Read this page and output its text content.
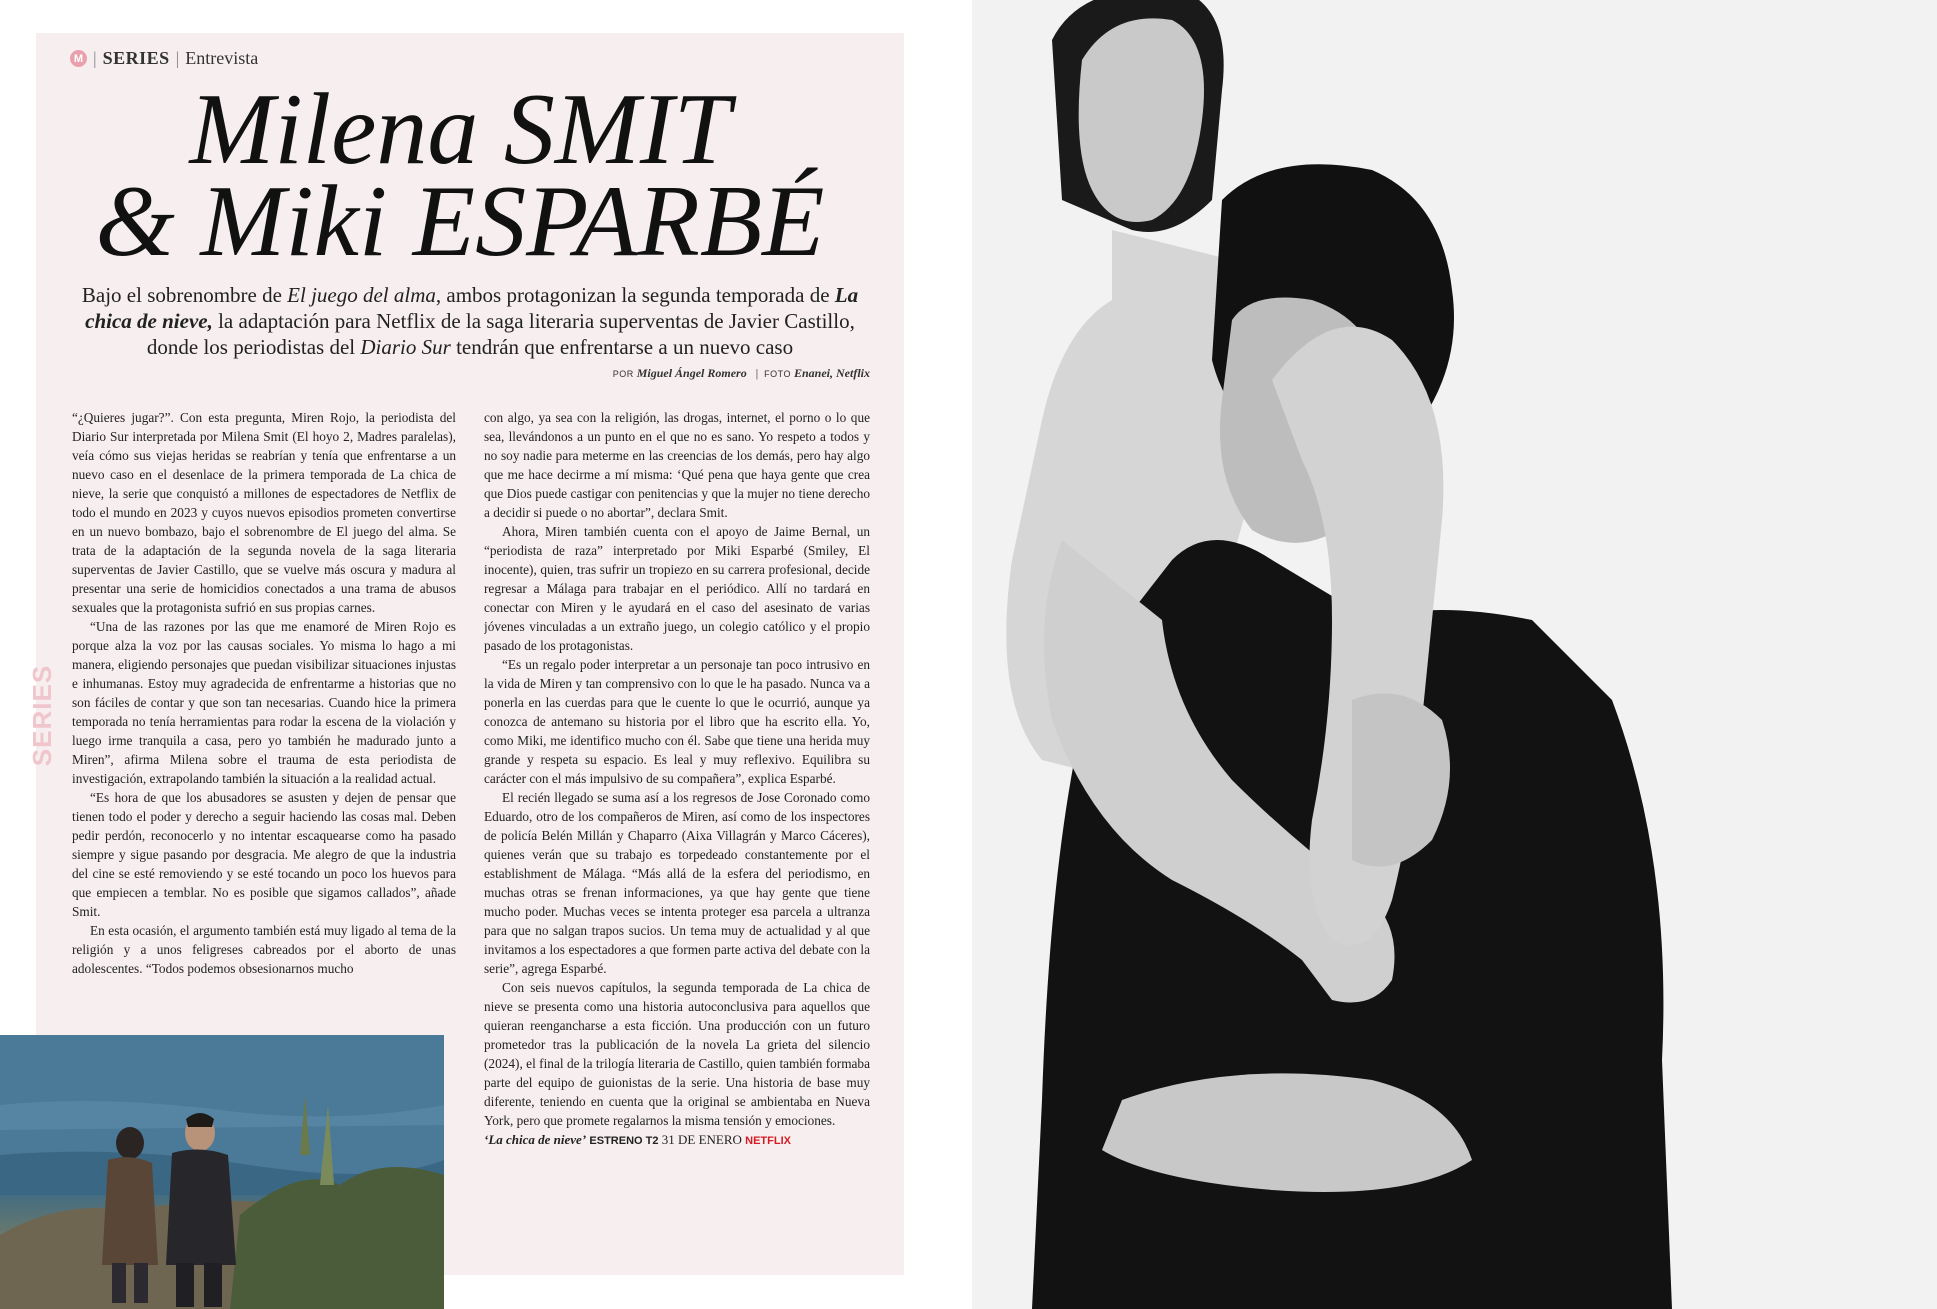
M | SERIES | Entrevista
Milena SMIT
& Miki ESPARBÉ
Bajo el sobrenombre de El juego del alma, ambos protagonizan la segunda temporada de La chica de nieve, la adaptación para Netflix de la saga literaria superventas de Javier Castillo, donde los periodistas del Diario Sur tendrán que enfrentarse a un nuevo caso
POR Miguel Ángel Romero | FOTO Enanei, Netflix
SERIES

“¿Quieres jugar?”. Con esta pregunta, Miren Rojo, la periodista del Diario Sur interpretada por Milena Smit (El hoyo 2, Madres paralelas), veía cómo sus viejas heridas se reabrían y tenía que enfrentarse a un nuevo caso en el desenlace de la primera temporada de La chica de nieve, la serie que conquistó a millones de espectadores de Netflix de todo el mundo en 2023 y cuyos nuevos episodios prometen convertirse en un nuevo bombazo, bajo el sobrenombre de El juego del alma. Se trata de la adaptación de la segunda novela de la saga literaria superventas de Javier Castillo, que se vuelve más oscura y madura al presentar una serie de homicidios conectados a una trama de abusos sexuales que la protagonista sufrió en sus propias carnes.

“Una de las razones por las que me enamoré de Miren Rojo es porque alza la voz por las causas sociales. Yo misma lo hago a mi manera, eligiendo personajes que puedan visibilizar situaciones injustas e inhumanas. Estoy muy agradecida de enfrentarme a historias que no son fáciles de contar y que son tan necesarias. Cuando hice la primera temporada no tenía herramientas para rodar la escena de la violación y luego irme tranquila a casa, pero yo también he madurado junto a Miren”, afirma Milena sobre el trauma de esta periodista de investigación, extrapolando también la situación a la realidad actual.

“Es hora de que los abusadores se asusten y dejen de pensar que tienen todo el poder y derecho a seguir haciendo las cosas mal. Deben pedir perdón, reconocerlo y no intentar escaquearse como ha pasado siempre y sigue pasando por desgracia. Me alegro de que la industria del cine se esté removiendo y se esté tocando un poco los huevos para que empiecen a temblar. No es posible que sigamos callados”, añade Smit.

En esta ocasión, el argumento también está muy ligado al tema de la religión y a unos feligreses cabreados por el aborto de unas adolescentes. “Todos podemos obsesionarnos mucho

con algo, ya sea con la religión, las drogas, internet, el porno o lo que sea, llevándonos a un punto en el que no es sano. Yo respeto a todos y no soy nadie para meterme en las creencias de los demás, pero hay algo que me hace decirme a mí misma: ‘Qué pena que haya gente que crea que Dios puede castigar con penitencias y que la mujer no tiene derecho a decidir si puede o no abortar”, declara Smit.

Ahora, Miren también cuenta con el apoyo de Jaime Bernal, un “periodista de raza” interpretado por Miki Esparbé (Smiley, El inocente), quien, tras sufrir un tropiezo en su carrera profesional, decide regresar a Málaga para trabajar en el periódico. Allí no tardará en conectar con Miren y le ayudará en el caso del asesinato de varias jóvenes vinculadas a un extraño juego, un colegio católico y el propio pasado de los protagonistas.

“Es un regalo poder interpretar a un personaje tan poco intrusivo en la vida de Miren y tan comprensivo con lo que le ha pasado. Nunca va a ponerla en las cuerdas para que le cuente lo que le ocurrió, aunque ya conozca de antemano su historia por el libro que ha escrito ella. Yo, como Miki, me identifico mucho con él. Sabe que tiene una herida muy grande y respeta su espacio. Es leal y muy reflexivo. Equilibra su carácter con el más impulsivo de su compañera”, explica Esparbé.

El recién llegado se suma así a los regresos de Jose Coronado como Eduardo, otro de los compañeros de Miren, así como de los inspectores de policía Belén Millán y Chaparro (Aixa Villagrán y Marco Cáceres), quienes verán que su trabajo es torpedeado constantemente por el establishment de Málaga. “Más allá de la esfera del periodismo, en muchas otras se frenan informaciones, ya que hay gente que tiene mucho poder. Muchas veces se intenta proteger esa parcela a ultranza para que no salgan trapos sucios. Un tema muy de actualidad y al que invitamos a los espectadores a que formen parte activa del debate con la serie”, agrega Esparbé.

Con seis nuevos capítulos, la segunda temporada de La chica de nieve se presenta como una historia autoconclusiva para aquellos que quieran reengancharse a esta ficción. Una producción con un futuro prometedor tras la publicación de la novela La grieta del silencio (2024), el final de la trilogía literaria de Castillo, quien también formaba parte del equipo de guionistas de la serie. Una historia de base muy diferente, teniendo en cuenta que la original se ambientaba en Nueva York, pero que promete regalarnos la misma tensión y emociones.

‘La chica de nieve’ ESTRENO T2 31 DE ENERO NETFLIX
